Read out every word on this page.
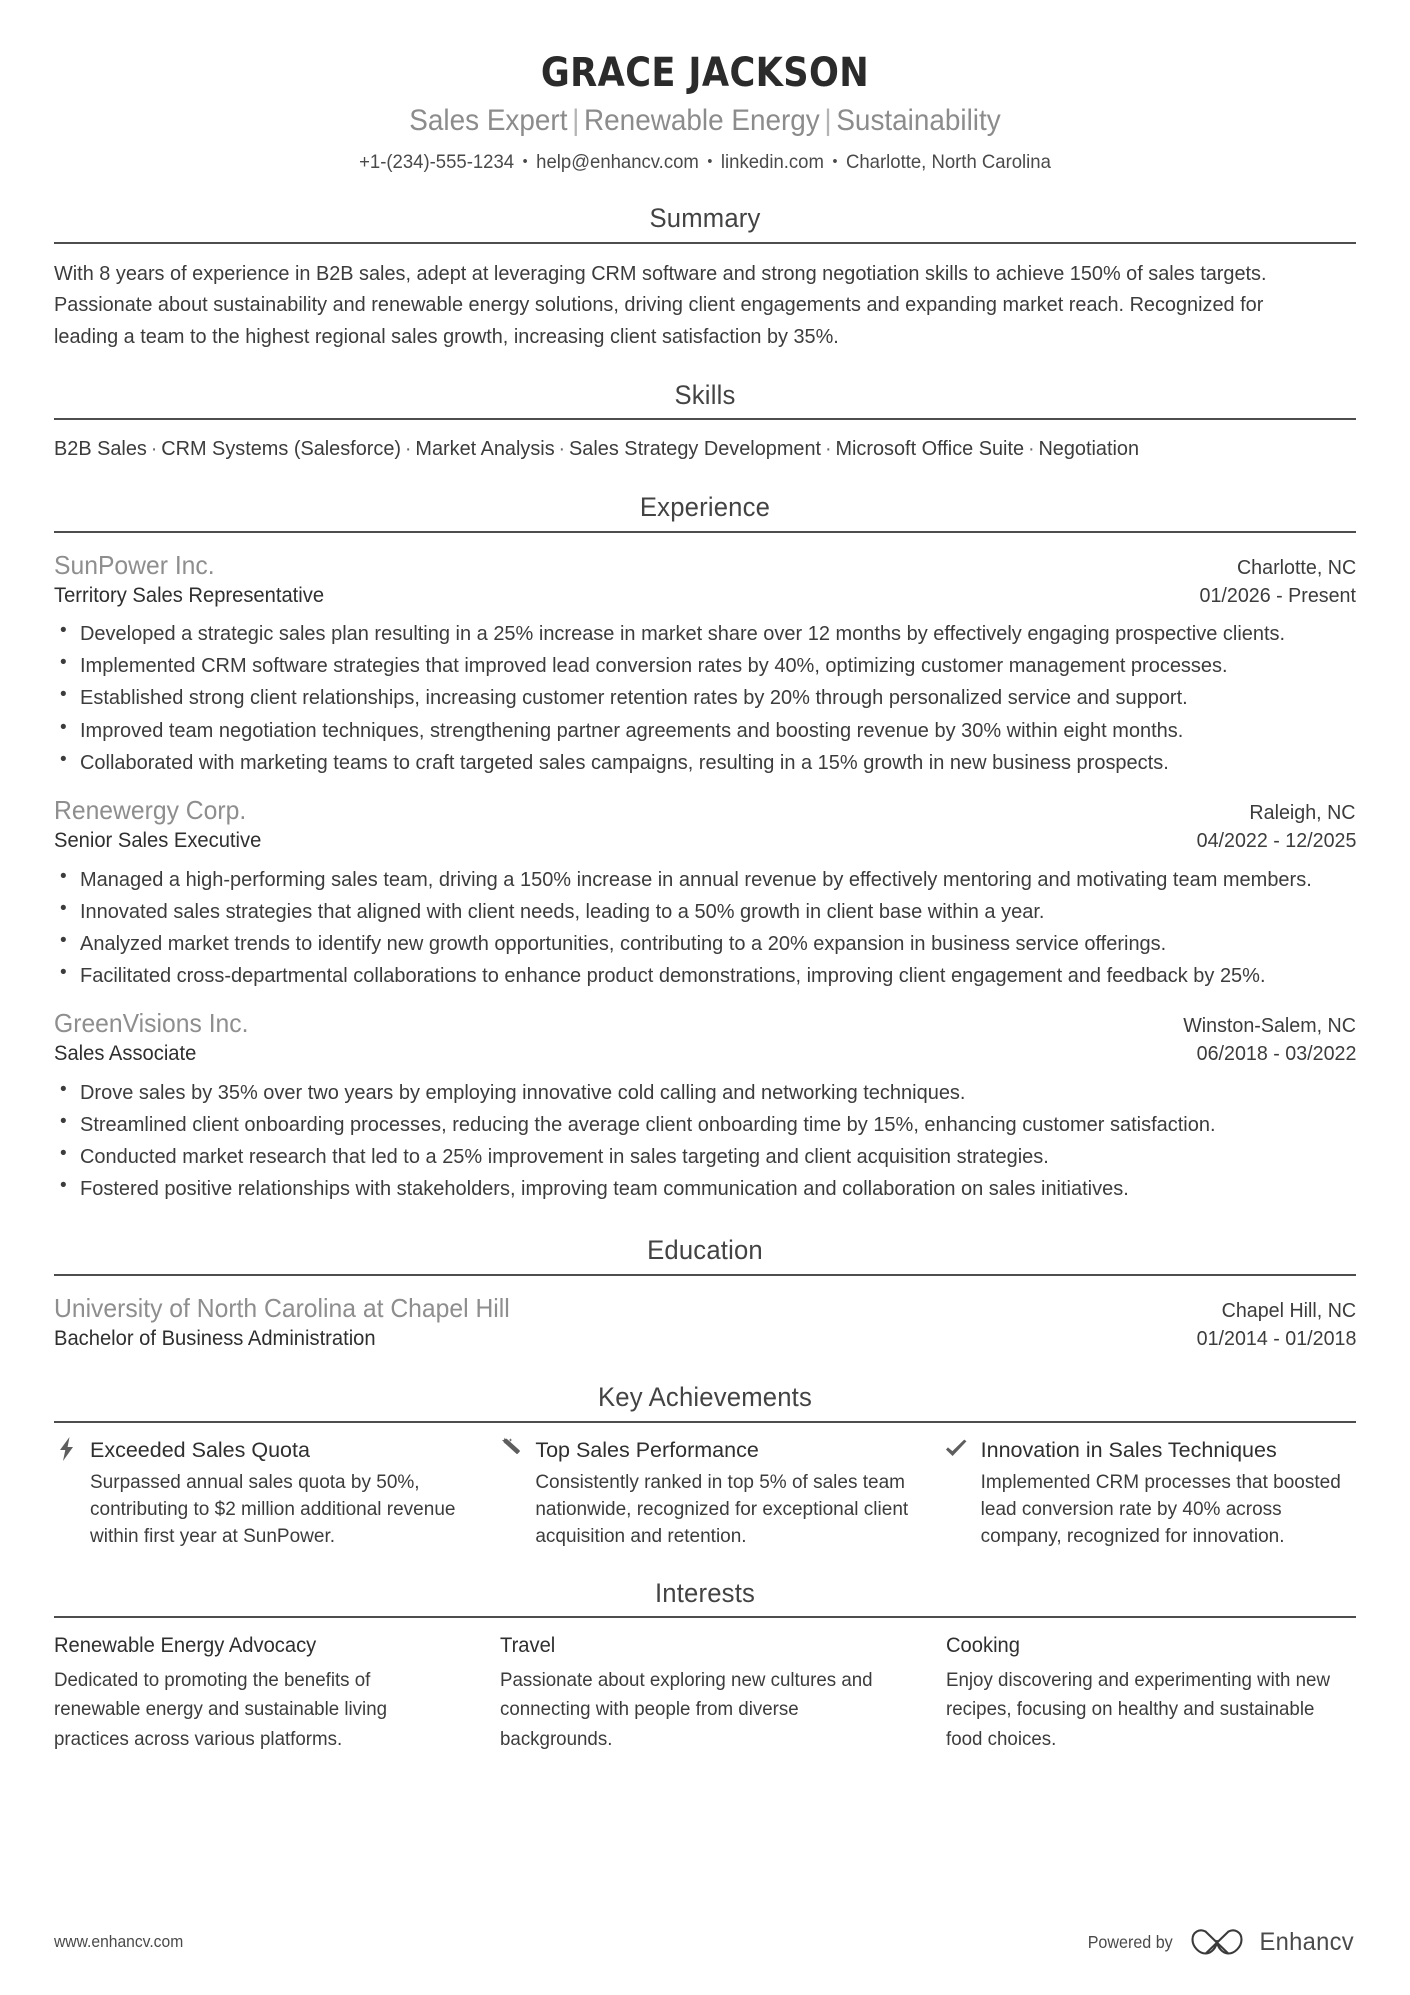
GRACE JACKSON
Sales Expert | Renewable Energy | Sustainability
+1-(234)-555-1234 • help@enhancv.com • linkedin.com • Charlotte, North Carolina
Summary
With 8 years of experience in B2B sales, adept at leveraging CRM software and strong negotiation skills to achieve 150% of sales targets. Passionate about sustainability and renewable energy solutions, driving client engagements and expanding market reach. Recognized for leading a team to the highest regional sales growth, increasing client satisfaction by 35%.
Skills
B2B Sales · CRM Systems (Salesforce) · Market Analysis · Sales Strategy Development · Microsoft Office Suite · Negotiation
Experience
SunPower Inc.	Charlotte, NC
Territory Sales Representative	01/2026 - Present
• Developed a strategic sales plan resulting in a 25% increase in market share over 12 months by effectively engaging prospective clients.
• Implemented CRM software strategies that improved lead conversion rates by 40%, optimizing customer management processes.
• Established strong client relationships, increasing customer retention rates by 20% through personalized service and support.
• Improved team negotiation techniques, strengthening partner agreements and boosting revenue by 30% within eight months.
• Collaborated with marketing teams to craft targeted sales campaigns, resulting in a 15% growth in new business prospects.
Renewergy Corp.	Raleigh, NC
Senior Sales Executive	04/2022 - 12/2025
• Managed a high-performing sales team, driving a 150% increase in annual revenue by effectively mentoring and motivating team members.
• Innovated sales strategies that aligned with client needs, leading to a 50% growth in client base within a year.
• Analyzed market trends to identify new growth opportunities, contributing to a 20% expansion in business service offerings.
• Facilitated cross-departmental collaborations to enhance product demonstrations, improving client engagement and feedback by 25%.
GreenVisions Inc.	Winston-Salem, NC
Sales Associate	06/2018 - 03/2022
• Drove sales by 35% over two years by employing innovative cold calling and networking techniques.
• Streamlined client onboarding processes, reducing the average client onboarding time by 15%, enhancing customer satisfaction.
• Conducted market research that led to a 25% improvement in sales targeting and client acquisition strategies.
• Fostered positive relationships with stakeholders, improving team communication and collaboration on sales initiatives.
Education
University of North Carolina at Chapel Hill	Chapel Hill, NC
Bachelor of Business Administration	01/2014 - 01/2018
Key Achievements
Exceeded Sales Quota
Surpassed annual sales quota by 50%, contributing to $2 million additional revenue within first year at SunPower.
Top Sales Performance
Consistently ranked in top 5% of sales team nationwide, recognized for exceptional client acquisition and retention.
Innovation in Sales Techniques
Implemented CRM processes that boosted lead conversion rate by 40% across company, recognized for innovation.
Interests
Renewable Energy Advocacy
Dedicated to promoting the benefits of renewable energy and sustainable living practices across various platforms.
Travel
Passionate about exploring new cultures and connecting with people from diverse backgrounds.
Cooking
Enjoy discovering and experimenting with new recipes, focusing on healthy and sustainable food choices.
www.enhancv.com	Powered by	Enhancv
